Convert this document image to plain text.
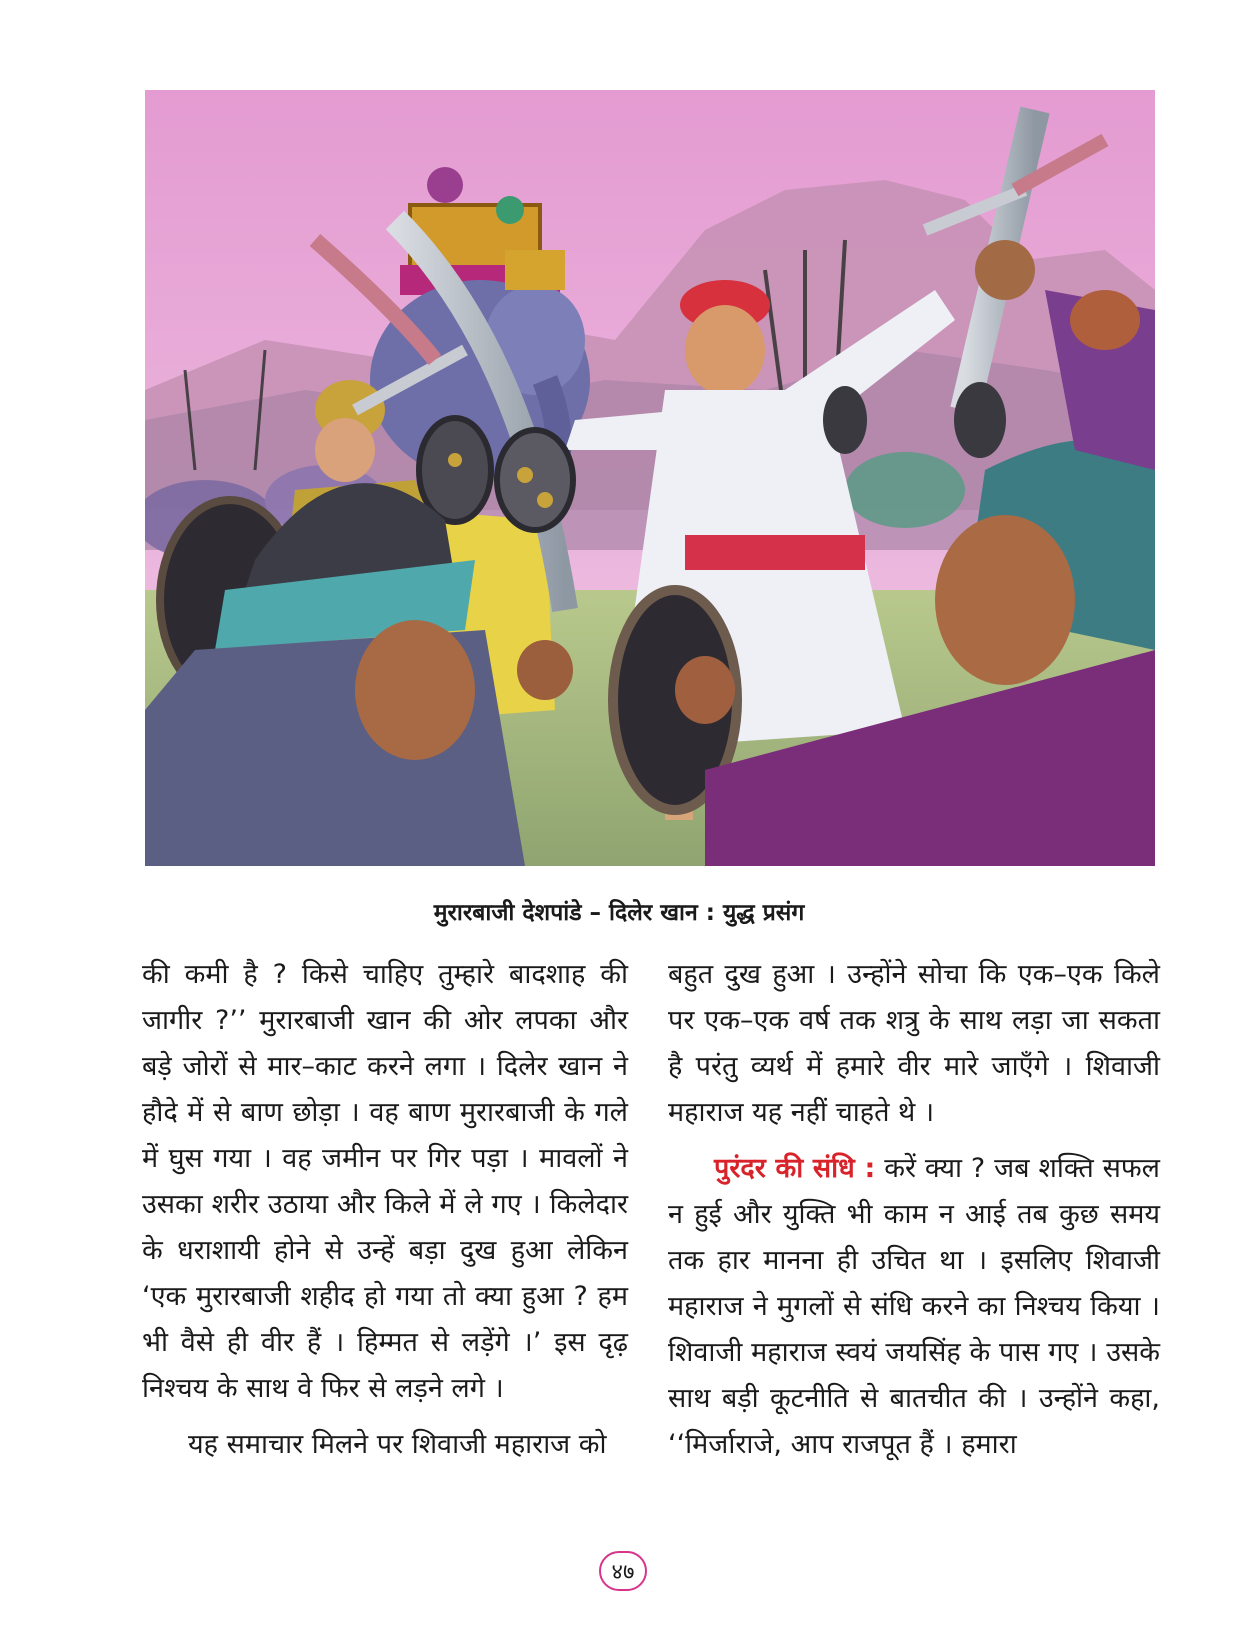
मुरारबाजी देशपांडे – दिलेर खान : युद्ध प्रसंग

की कमी है ? किसे चाहिए तुम्हारे बादशाह की जागीर ?’’ मुरारबाजी खान की ओर लपका और बड़े जोरों से मार–काट करने लगा । दिलेर खान ने हौदे में से बाण छोड़ा । वह बाण मुरारबाजी के गले में घुस गया । वह जमीन पर गिर पड़ा । मावलों ने उसका शरीर उठाया और किले में ले गए । किलेदार के धराशायी होने से उन्हें बड़ा दुख हुआ लेकिन ‘एक मुरारबाजी शहीद हो गया तो क्या हुआ ? हम भी वैसे ही वीर हैं । हिम्मत से लड़ेंगे ।’ इस दृढ़ निश्चय के साथ वे फिर से लड़ने लगे ।

यह समाचार मिलने पर शिवाजी महाराज को

बहुत दुख हुआ । उन्होंने सोचा कि एक–एक किले पर एक–एक वर्ष तक शत्रु के साथ लड़ा जा सकता है परंतु व्यर्थ में हमारे वीर मारे जाएँगे । शिवाजी महाराज यह नहीं चाहते थे ।

पुरंदर की संधि : करें क्या ? जब शक्ति सफल न हुई और युक्ति भी काम न आई तब कुछ समय तक हार मानना ही उचित था । इसलिए शिवाजी महाराज ने मुगलों से संधि करने का निश्चय किया । शिवाजी महाराज स्वयं जयसिंह के पास गए । उसके साथ बड़ी कूटनीति से बातचीत की । उन्होंने कहा, ‘‘मिर्जाराजे, आप राजपूत हैं । हमारा

४७
